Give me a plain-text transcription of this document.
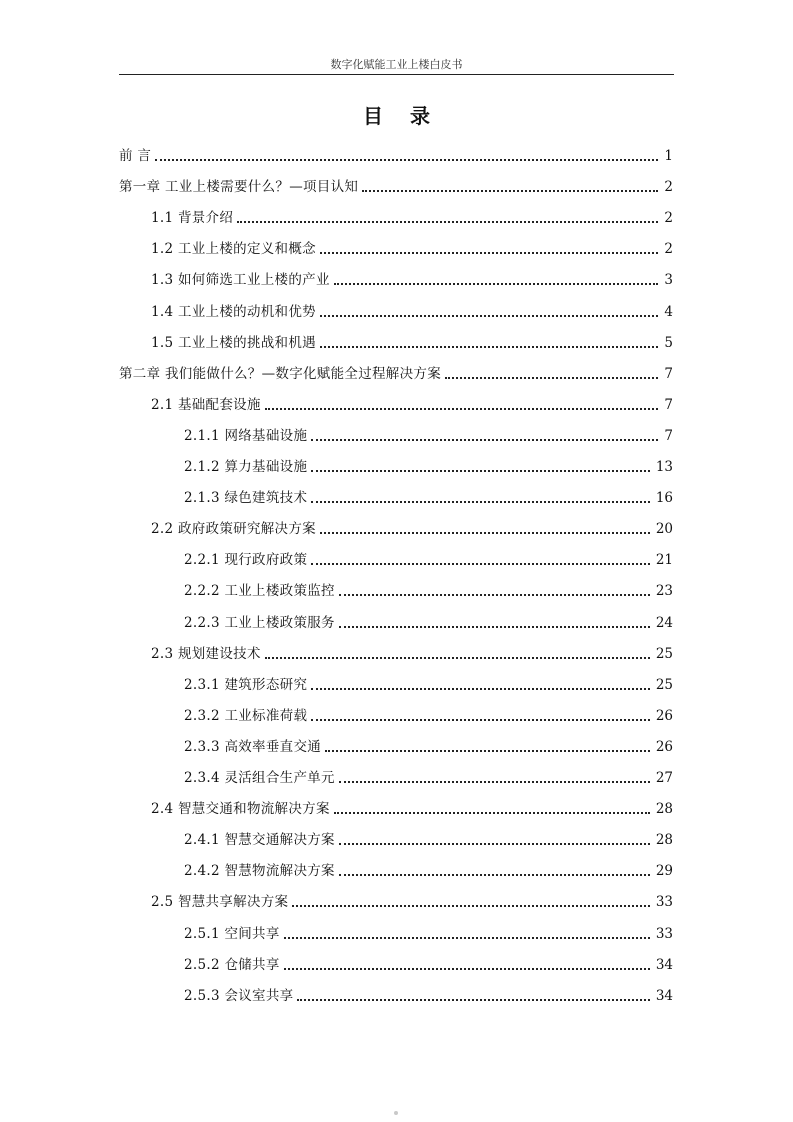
数字化赋能工业上楼白皮书
目 录
前 言	1
第一章 工业上楼需要什么？—项目认知	2
1.1 背景介绍	2
1.2 工业上楼的定义和概念	2
1.3 如何筛选工业上楼的产业	3
1.4 工业上楼的动机和优势	4
1.5 工业上楼的挑战和机遇	5
第二章 我们能做什么？—数字化赋能全过程解决方案	7
2.1 基础配套设施	7
2.1.1 网络基础设施	7
2.1.2 算力基础设施	13
2.1.3 绿色建筑技术	16
2.2 政府政策研究解决方案	20
2.2.1 现行政府政策	21
2.2.2 工业上楼政策监控	23
2.2.3 工业上楼政策服务	24
2.3 规划建设技术	25
2.3.1 建筑形态研究	25
2.3.2 工业标准荷载	26
2.3.3 高效率垂直交通	26
2.3.4 灵活组合生产单元	27
2.4 智慧交通和物流解决方案	28
2.4.1 智慧交通解决方案	28
2.4.2 智慧物流解决方案	29
2.5 智慧共享解决方案	33
2.5.1 空间共享	33
2.5.2 仓储共享	34
2.5.3 会议室共享	34
